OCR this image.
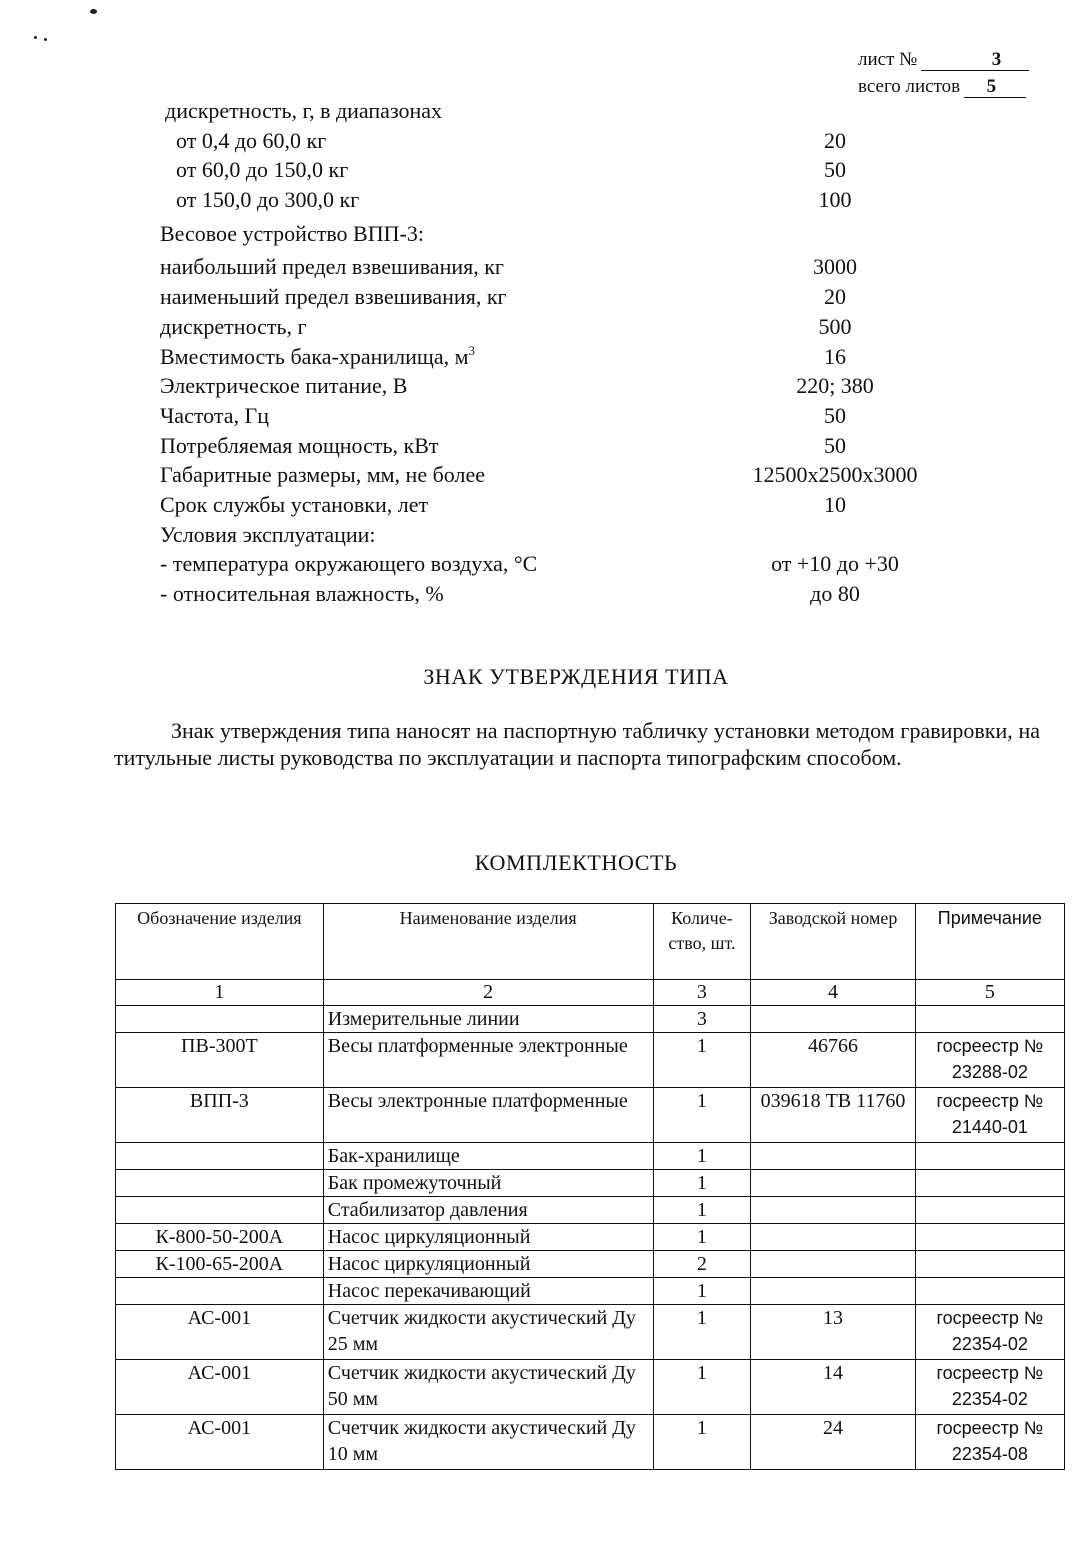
лист №	3
всего листов	5
дискретность, г, в диапазонах
от 0,4 до 60,0 кг	20
от 60,0 до 150,0 кг	50
от 150,0 до 300,0 кг	100
Весовое устройство ВПП-3:
наибольший предел взвешивания, кг	3000
наименьший предел взвешивания, кг	20
дискретность, г	500
Вместимость бака-хранилища, $м^3$	16
Электрическое питание, В	220; 380
Частота, Гц	50
Потребляемая мощность, кВт	50
Габаритные размеры, мм, не более	12500х2500х3000
Срок службы установки, лет	10
Условия эксплуатации:
- температура окружающего воздуха, °С	от +10 до +30
- относительная влажность, %	до 80
ЗНАК УТВЕРЖДЕНИЯ ТИПА
Знак утверждения типа наносят на паспортную табличку установки методом гравировки, на титульные листы руководства по эксплуатации и паспорта типографским способом.
КОМПЛЕКТНОСТЬ
Обозначение изделия	Наименование изделия	Количе-ство, шт.	Заводской номер	Примечание
1	2	3	4	5
	Измерительные линии	3		
ПВ-300Т	Весы платформенные электронные	1	46766	госреестр № 23288-02
ВПП-3	Весы электронные платформенные	1	039618 ТВ 11760	госреестр № 21440-01
	Бак-хранилище	1		
	Бак промежуточный	1		
	Стабилизатор давления	1		
К-800-50-200А	Насос циркуляционный	1		
К-100-65-200А	Насос циркуляционный	2		
	Насос перекачивающий	1		
АС-001	Счетчик жидкости акустический Ду 25 мм	1	13	госреестр № 22354-02
АС-001	Счетчик жидкости акустический Ду 50 мм	1	14	госреестр № 22354-02
АС-001	Счетчик жидкости акустический Ду 10 мм	1	24	госреестр № 22354-08
